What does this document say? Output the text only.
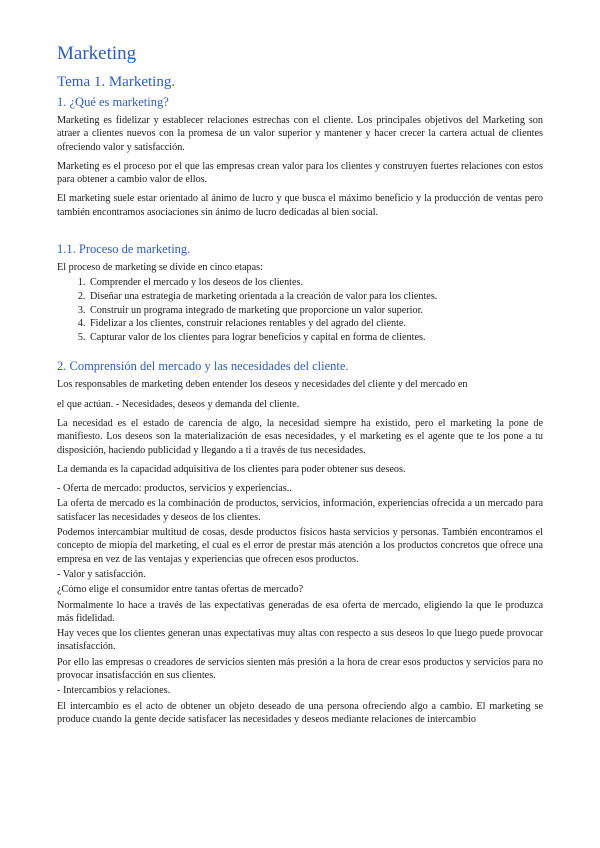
Marketing
Tema 1. Marketing.
1. ¿Qué es marketing?

Marketing es fidelizar y establecer relaciones estrechas con el cliente. Los principales objetivos del Marketing son atraer a clientes nuevos con la promesa de un valor superior y mantener y hacer crecer la cartera actual de clientes ofreciendo valor y satisfacción.

Marketing es el proceso por el que las empresas crean valor para los clientes y construyen fuertes relaciones con estos para obtener a cambio valor de ellos.

El marketing suele estar orientado al ánimo de lucro y que busca el máximo beneficio y la producción de ventas pero también encontramos asociaciones sin ánimo de lucro dedicadas al bien social.

1.1. Proceso de marketing.

El proceso de marketing se divide en cinco etapas:

1. Comprender el mercado y los deseos de los clientes.
2. Diseñar una estrategia de marketing orientada a la creación de valor para los clientes.
3. Construir un programa integrado de marketing que proporcione un valor superior.
4. Fidelizar a los clientes, construir relaciones rentables y del agrado del cliente.
5. Capturar valor de los clientes para lograr beneficios y capital en forma de clientes.
2. Comprensión del mercado y las necesidades del cliente.

Los responsables de marketing deben entender los deseos y necesidades del cliente y del mercado en

el que actúan. - Necesidades, deseos y demanda del cliente.

La necesidad es el estado de carencia de algo, la necesidad siempre ha existido, pero el marketing la pone de manifiesto. Los deseos son la materialización de esas necesidades, y el marketing es el agente que te los pone a tu disposición, haciendo publicidad y llegando a ti a través de tus necesidades.

La demanda es la capacidad adquisitiva de los clientes para poder obtener sus deseos.

- Oferta de mercado: productos, servicios y experiencias..

La oferta de mercado es la combinación de productos, servicios, información, experiencias ofrecida a un mercado para satisfacer las necesidades y deseos de los clientes.

Podemos intercambiar multitud de cosas, desde productos físicos hasta servicios y personas. También encontramos el concepto de miopía del marketing, el cual es el error de prestar más atención a los productos concretos que ofrece una empresa en vez de las ventajas y experiencias que ofrecen esos productos.

- Valor y satisfacción.

¿Cómo elige el consumidor entre tantas ofertas de mercado?

Normalmente lo hace a través de las expectativas generadas de esa oferta de mercado, eligiendo la que le produzca más fidelidad.

Hay veces que los clientes generan unas expectativas muy altas con respecto a sus deseos lo que luego puede provocar insatisfacción.

Por ello las empresas o creadores de servicios sienten más presión a la hora de crear esos productos y servicios para no provocar insatisfacción en sus clientes.

- Intercambios y relaciones.

El intercambio es el acto de obtener un objeto deseado de una persona ofreciendo algo a cambio. El marketing se produce cuando la gente decide satisfacer las necesidades y deseos mediante relaciones de intercambio
